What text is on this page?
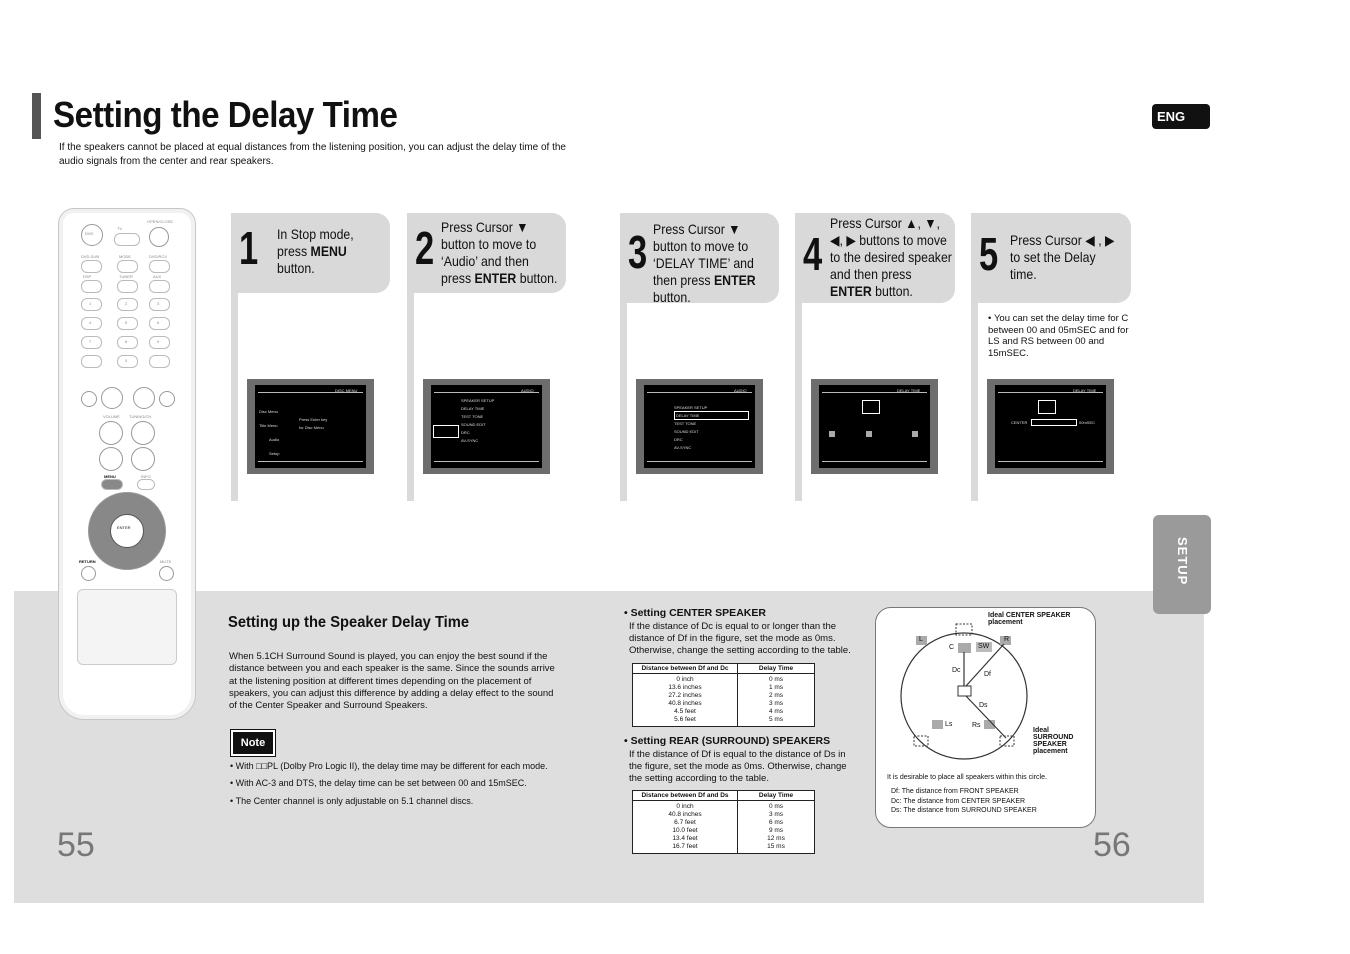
Setting the Delay Time
If the speakers cannot be placed at equal distances from the listening position, you can adjust the delay time of the audio signals from the center and rear speakers.
ENG
SETUP
DVD
TV
OPEN/CLOSE
DVD-SUB	MODE	DVD/RCV
DSP	TUNER	AUX
1	2	3
4	5	6
7	8	9
0
VOLUME TUNING/CH
MENU	INFO
ENTER
RETURN	MUTE
1 In Stop mode, press MENU button.
Disc Menu
Title Menu
Audio
Setup
DISC MENU
Press Enter key
for Disc Menu
2 Press Cursor ▼ button to move to ‘Audio’ and then press ENTER button.
AUDIO
SPEAKER SETUP
DELAY TIME
TEST TONE
SOUND EDIT
DRC
AV-SYNC
3 Press Cursor ▼ button to move to ‘DELAY TIME’ and then press ENTER button.
AUDIO
SPEAKER SETUP
DELAY TIME
TEST TONE
SOUND EDIT
DRC
AV-SYNC
4
Press Cursor ▲, ▼, ◀, ▶ buttons to move to the desired speaker and then press ENTER button.
DELAY TIME
5 Press Cursor ◀ , ▶ to set the Delay time.
• You can set the delay time for C between 00 and 05mSEC and for LS and RS between 00 and 15mSEC.
DELAY TIME
CENTER	00mSEC
Setting up the Speaker Delay Time
When 5.1CH Surround Sound is played, you can enjoy the best sound if the distance between you and each speaker is the same. Since the sounds arrive at the listening position at different times depending on the placement of speakers, you can adjust this difference by adding a delay effect to the sound of the Center Speaker and Surround Speakers.
Note
• With □□PL (Dolby Pro Logic II), the delay time may be different for each mode.
• With AC-3 and DTS, the delay time can be set between 00 and 15mSEC.
• The Center channel is only adjustable on 5.1 channel discs.
55	56
• Setting CENTER SPEAKER
If the distance of Dc is equal to or longer than the distance of Df in the figure, set the mode as 0ms. Otherwise, change the setting according to the table.
Distance between Df and Dc	Delay Time
0 inch	0 ms
13.6 inches	1 ms
27.2 inches	2 ms
40.8 inches	3 ms
4.5 feet	4 ms
5.6 feet	5 ms
• Setting REAR (SURROUND) SPEAKERS
If the distance of Df is equal to the distance of Ds in the figure, set the mode as 0ms. Otherwise, change the setting according to the table.
Distance between Df and Ds	Delay Time
0 inch	0 ms
40.8 inches	3 ms
6.7 feet	6 ms
10.0 feet	9 ms
13.4 feet	12 ms
16.7 feet	15 ms
Ideal CENTER SPEAKER placement
L	R
C	SW
Dc
Df
Ds
Ls	Rs
Ideal SURROUND SPEAKER placement
It is desirable to place all speakers within this circle.
Df: The distance from FRONT SPEAKER
Dc: The distance from CENTER SPEAKER
Ds: The distance from SURROUND SPEAKER
